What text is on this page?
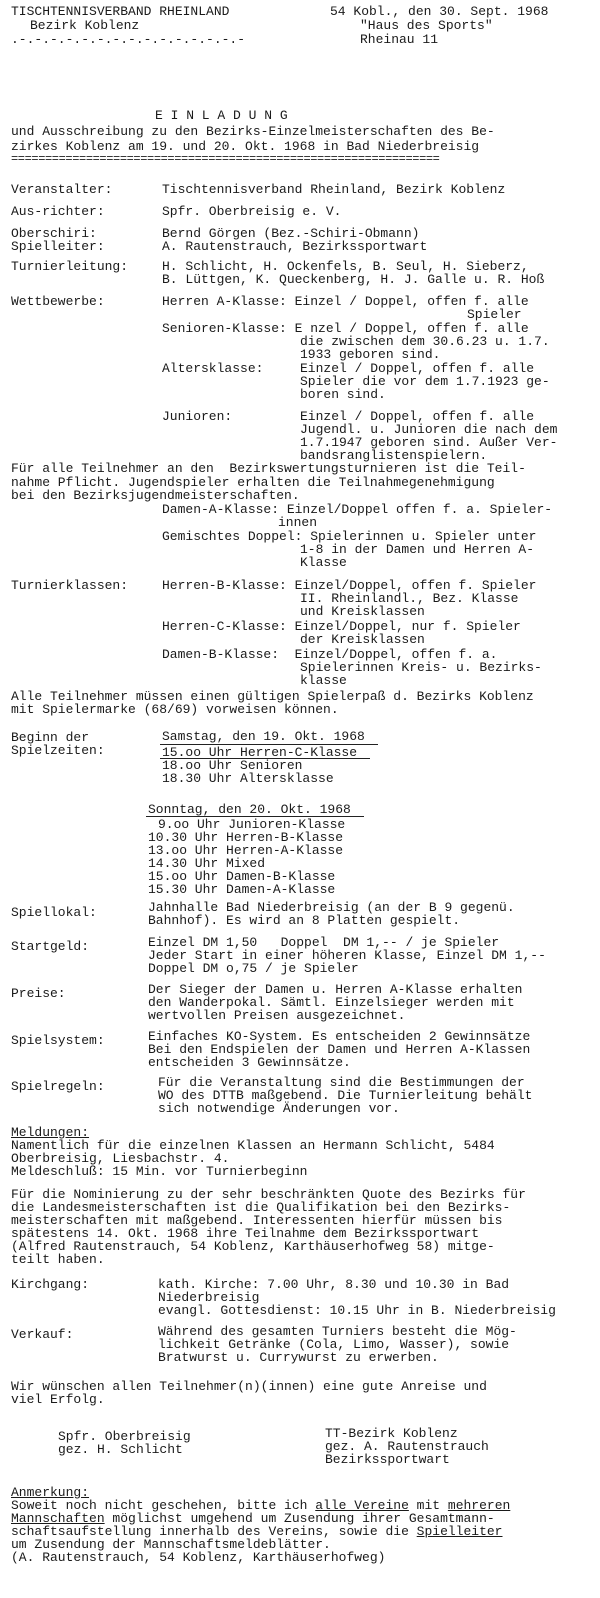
TISCHTENNISVERBAND RHEINLAND
Bezirk Koblenz
.-.-.-.-.-.-.-.-.-.-.-.-.-.-.-
54 Kobl., den 30. Sept. 1968
"Haus des Sports"
Rheinau 11
E I N L A D U N G
und Ausschreibung zu den Bezirks-Einzelmeisterschaften des Be-
zirkes Koblenz am 19. und 20. Okt. 1968 in Bad Niederbreisig
===============================================================
Veranstalter:	Tischtennisverband Rheinland, Bezirk Koblenz
Aus-richter:	Spfr. Oberbreisig e. V.
Oberschiri:	Bernd Görgen (Bez.-Schiri-Obmann)
Spielleiter:	A. Rautenstrauch, Bezirkssportwart
Turnierleitung:	H. Schlicht, H. Ockenfels, B. Seul, H. Sieberz,
B. Lüttgen, K. Queckenberg, H. J. Galle u. R. Hoß
Wettbewerbe:	Herren A-Klasse: Einzel / Doppel, offen f. alle
Spieler
Senioren-Klasse: E nzel / Doppel, offen f. alle
die zwischen dem 30.6.23 u. 1.7.
1933 geboren sind.
Altersklasse:	Einzel / Doppel, offen f. alle
Spieler die vor dem 1.7.1923 ge-
boren sind.
Junioren:	Einzel / Doppel, offen f. alle
Jugendl. u. Junioren die nach dem
1.7.1947 geboren sind. Außer Ver-
bandsranglistenspielern.
Für alle Teilnehmer an den  Bezirkswertungsturnieren ist die Teil-
nahme Pflicht. Jugendspieler erhalten die Teilnahmegenehmigung
bei den Bezirksjugendmeisterschaften.
Damen-A-Klasse: Einzel/Doppel offen f. a. Spieler-
innen
Gemischtes Doppel: Spielerinnen u. Spieler unter
1-8 in der Damen und Herren A-
Klasse
Turnierklassen:	Herren-B-Klasse: Einzel/Doppel, offen f. Spieler
II. Rheinlandl., Bez. Klasse
und Kreisklassen
Herren-C-Klasse: Einzel/Doppel, nur f. Spieler
der Kreisklassen
Damen-B-Klasse:  Einzel/Doppel, offen f. a.
Spielerinnen Kreis- u. Bezirks-
klasse
Alle Teilnehmer müssen einen gültigen Spielerpaß d. Bezirks Koblenz
mit Spielermarke (68/69) vorweisen können.
Beginn der
Spielzeiten:
Samstag, den 19. Okt. 1968
15.oo Uhr Herren-C-Klasse
18.oo Uhr Senioren
18.30 Uhr Altersklasse
Sonntag, den 20. Okt. 1968
9.oo Uhr Junioren-Klasse
10.30 Uhr Herren-B-Klasse
13.oo Uhr Herren-A-Klasse
14.30 Uhr Mixed
15.oo Uhr Damen-B-Klasse
15.30 Uhr Damen-A-Klasse
Spiellokal:	Jahnhalle Bad Niederbreisig (an der B 9 gegenü.
Bahnhof). Es wird an 8 Platten gespielt.
Startgeld:	Einzel DM 1,50   Doppel  DM 1,-- / je Spieler
Jeder Start in einer höheren Klasse, Einzel DM 1,--
Doppel DM o,75 / je Spieler
Preise:	Der Sieger der Damen u. Herren A-Klasse erhalten
den Wanderpokal. Sämtl. Einzelsieger werden mit
wertvollen Preisen ausgezeichnet.
Spielsystem:	Einfaches KO-System. Es entscheiden 2 Gewinnsätze
Bei den Endspielen der Damen und Herren A-Klassen
entscheiden 3 Gewinnsätze.
Spielregeln:	Für die Veranstaltung sind die Bestimmungen der
WO des DTTB maßgebend. Die Turnierleitung behält
sich notwendige Änderungen vor.
Meldungen:
Namentlich für die einzelnen Klassen an Hermann Schlicht, 5484
Oberbreisig, Liesbachstr. 4.
Meldeschluß: 15 Min. vor Turnierbeginn
Für die Nominierung zu der sehr beschränkten Quote des Bezirks für
die Landesmeisterschaften ist die Qualifikation bei den Bezirks-
meisterschaften mit maßgebend. Interessenten hierfür müssen bis
spätestens 14. Okt. 1968 ihre Teilnahme dem Bezirkssportwart
(Alfred Rautenstrauch, 54 Koblenz, Karthäuserhofweg 58) mitge-
teilt haben.
Kirchgang:	kath. Kirche: 7.00 Uhr, 8.30 und 10.30 in Bad
Niederbreisig
evangl. Gottesdienst: 10.15 Uhr in B. Niederbreisig
Verkauf:	Während des gesamten Turniers besteht die Mög-
lichkeit Getränke (Cola, Limo, Wasser), sowie
Bratwurst u. Currywurst zu erwerben.
Wir wünschen allen Teilnehmer(n)(innen) eine gute Anreise und
viel Erfolg.
Spfr. Oberbreisig
gez. H. Schlicht
TT-Bezirk Koblenz
gez. A. Rautenstrauch
Bezirkssportwart
Anmerkung:
Soweit noch nicht geschehen, bitte ich alle Vereine mit mehreren
Mannschaften möglichst umgehend um Zusendung ihrer Gesamtmann-
schaftsaufstellung innerhalb des Vereins, sowie die Spielleiter
um Zusendung der Mannschaftsmeldeblätter.
(A. Rautenstrauch, 54 Koblenz, Karthäuserhofweg)
